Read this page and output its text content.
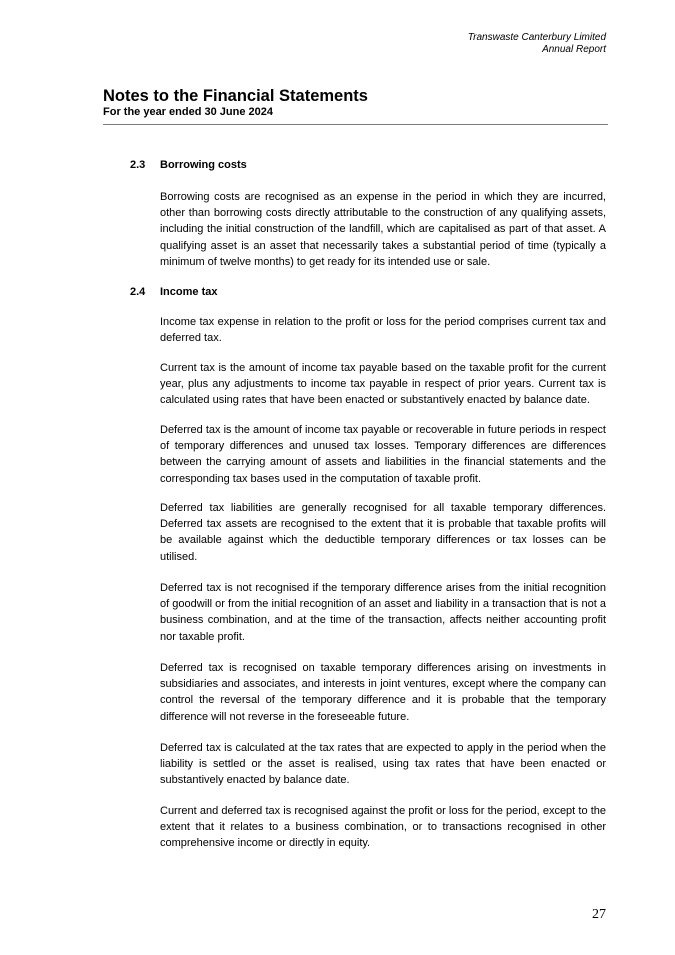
Transwaste Canterbury Limited
Annual Report
Notes to the Financial Statements
For the year ended 30 June 2024
2.3 Borrowing costs

Borrowing costs are recognised as an expense in the period in which they are incurred, other than borrowing costs directly attributable to the construction of any qualifying assets, including the initial construction of the landfill, which are capitalised as part of that asset. A qualifying asset is an asset that necessarily takes a substantial period of time (typically a minimum of twelve months) to get ready for its intended use or sale.

2.4 Income tax

Income tax expense in relation to the profit or loss for the period comprises current tax and deferred tax.

Current tax is the amount of income tax payable based on the taxable profit for the current year, plus any adjustments to income tax payable in respect of prior years. Current tax is calculated using rates that have been enacted or substantively enacted by balance date.

Deferred tax is the amount of income tax payable or recoverable in future periods in respect of temporary differences and unused tax losses. Temporary differences are differences between the carrying amount of assets and liabilities in the financial statements and the corresponding tax bases used in the computation of taxable profit.

Deferred tax liabilities are generally recognised for all taxable temporary differences. Deferred tax assets are recognised to the extent that it is probable that taxable profits will be available against which the deductible temporary differences or tax losses can be utilised.

Deferred tax is not recognised if the temporary difference arises from the initial recognition of goodwill or from the initial recognition of an asset and liability in a transaction that is not a business combination, and at the time of the transaction, affects neither accounting profit nor taxable profit.

Deferred tax is recognised on taxable temporary differences arising on investments in subsidiaries and associates, and interests in joint ventures, except where the company can control the reversal of the temporary difference and it is probable that the temporary difference will not reverse in the foreseeable future.

Deferred tax is calculated at the tax rates that are expected to apply in the period when the liability is settled or the asset is realised, using tax rates that have been enacted or substantively enacted by balance date.

Current and deferred tax is recognised against the profit or loss for the period, except to the extent that it relates to a business combination, or to transactions recognised in other comprehensive income or directly in equity.

27
